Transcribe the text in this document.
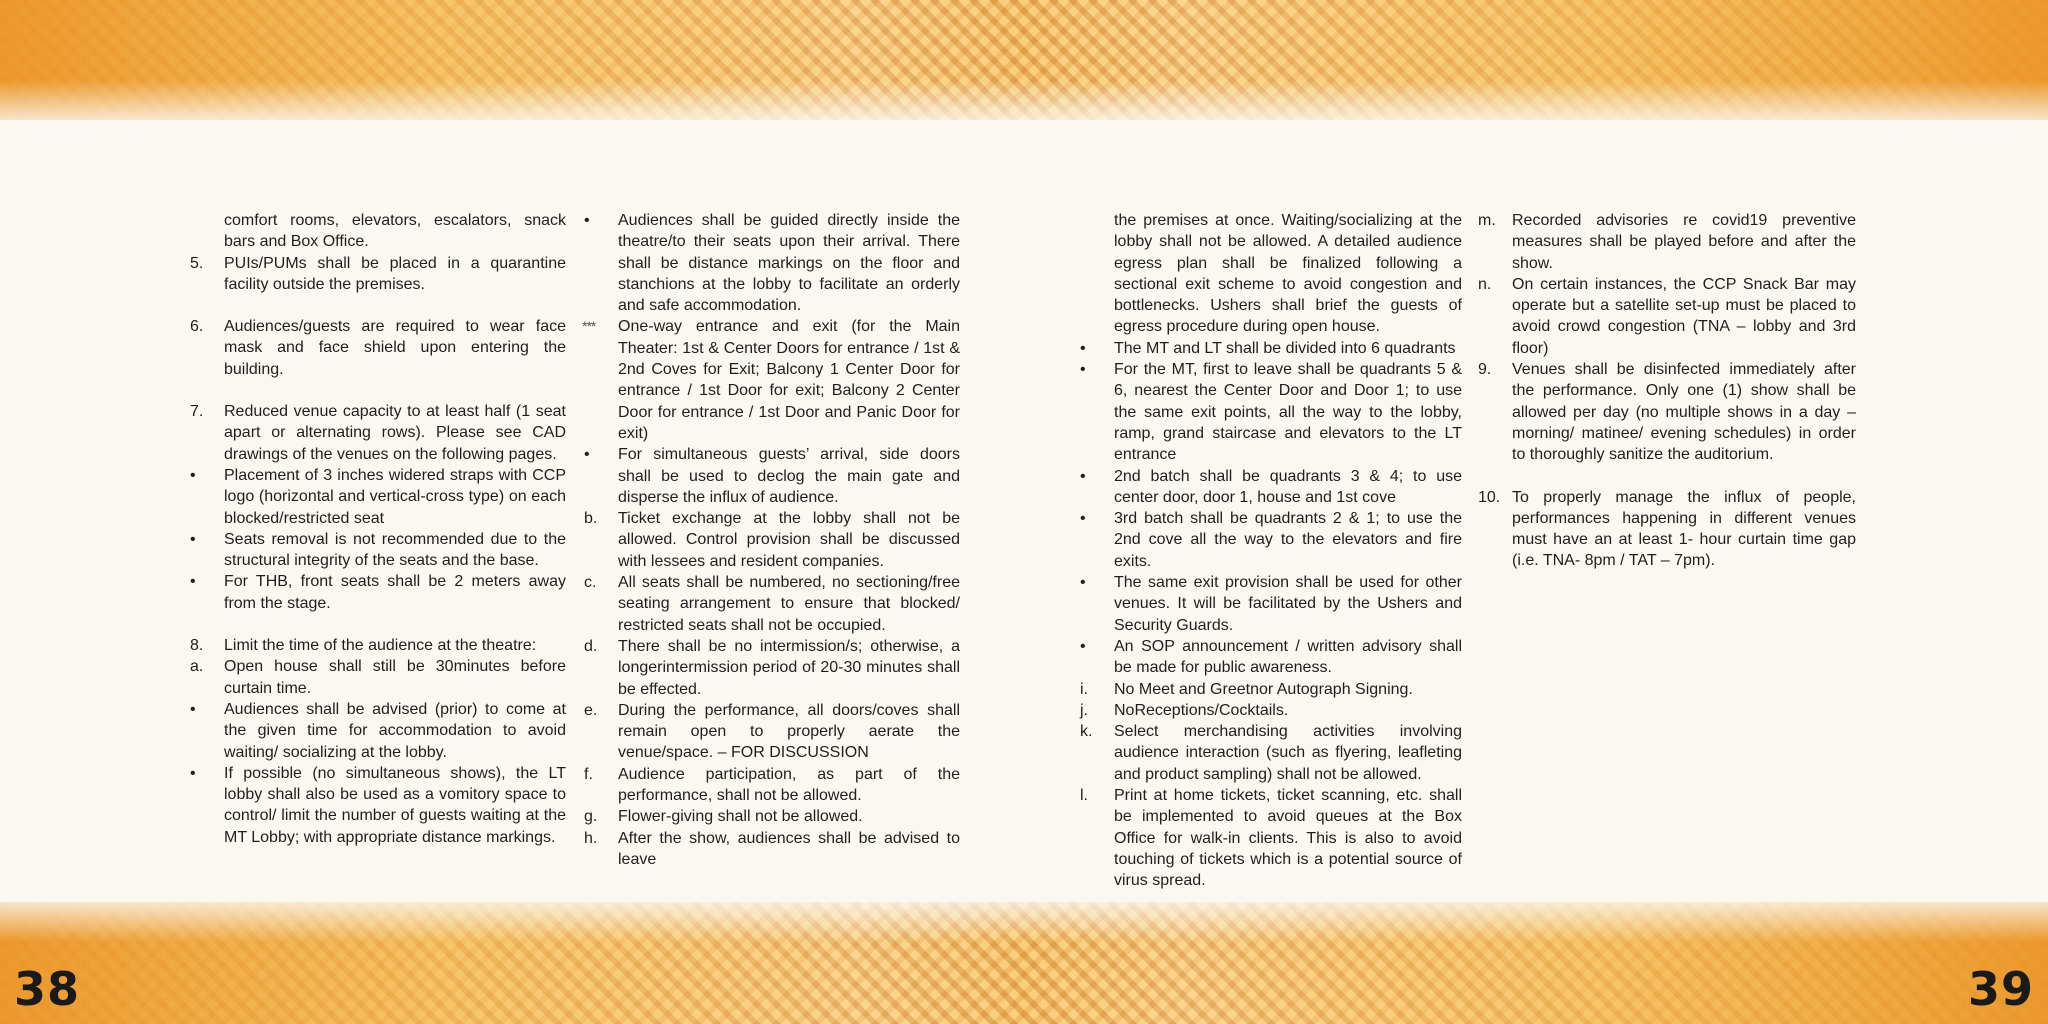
comfort rooms, elevators, escalators, snack bars and Box Office.
5. PUIs/PUMs shall be placed in a quarantine facility outside the premises.
6. Audiences/guests are required to wear face mask and face shield upon entering the building.
7. Reduced venue capacity to at least half (1 seat apart or alternating rows). Please see CAD drawings of the venues on the following pages.
• Placement of 3 inches widered straps with CCP logo (horizontal and vertical-cross type) on each blocked/restricted seat
• Seats removal is not recommended due to the structural integrity of the seats and the base.
• For THB, front seats shall be 2 meters away from the stage.
8. Limit the time of the audience at the theatre:
a. Open house shall still be 30minutes before curtain time.
• Audiences shall be advised (prior) to come at the given time for accommodation to avoid waiting/ socializing at the lobby.
• If possible (no simultaneous shows), the LT lobby shall also be used as a vomitory space to control/ limit the number of guests waiting at the MT Lobby; with appropriate distance markings.
• Audiences shall be guided directly inside the theatre/to their seats upon their arrival. There shall be distance markings on the floor and stanchions at the lobby to facilitate an orderly and safe accommodation.
*** One-way entrance and exit (for the Main Theater: 1st & Center Doors for entrance / 1st & 2nd Coves for Exit; Balcony 1 Center Door for entrance / 1st Door for exit; Balcony 2 Center Door for entrance / 1st Door and Panic Door for exit)
• For simultaneous guests’ arrival, side doors shall be used to declog the main gate and disperse the influx of audience.
b. Ticket exchange at the lobby shall not be allowed. Control provision shall be discussed with lessees and resident companies.
c. All seats shall be numbered, no sectioning/free seating arrangement to ensure that blocked/ restricted seats shall not be occupied.
d. There shall be no intermission/s; otherwise, a longerintermission period of 20-30 minutes shall be effected.
e. During the performance, all doors/coves shall remain open to properly aerate the venue/space. – FOR DISCUSSION
f. Audience participation, as part of the performance, shall not be allowed.
g. Flower-giving shall not be allowed.
h. After the show, audiences shall be advised to leave
the premises at once. Waiting/socializing at the lobby shall not be allowed. A detailed audience egress plan shall be finalized following a sectional exit scheme to avoid congestion and bottlenecks. Ushers shall brief the guests of egress procedure during open house.
• The MT and LT shall be divided into 6 quadrants
• For the MT, first to leave shall be quadrants 5 & 6, nearest the Center Door and Door 1; to use the same exit points, all the way to the lobby, ramp, grand staircase and elevators to the LT entrance
• 2nd batch shall be quadrants 3 & 4; to use center door, door 1, house and 1st cove
• 3rd batch shall be quadrants 2 & 1; to use the 2nd cove all the way to the elevators and fire exits.
• The same exit provision shall be used for other venues. It will be facilitated by the Ushers and Security Guards.
• An SOP announcement / written advisory shall be made for public awareness.
i. No Meet and Greetnor Autograph Signing.
j. NoReceptions/Cocktails.
k. Select merchandising activities involving audience interaction (such as flyering, leafleting and product sampling) shall not be allowed.
l. Print at home tickets, ticket scanning, etc. shall be implemented to avoid queues at the Box Office for walk-in clients. This is also to avoid touching of tickets which is a potential source of virus spread.
m. Recorded advisories re covid19 preventive measures shall be played before and after the show.
n. On certain instances, the CCP Snack Bar may operate but a satellite set-up must be placed to avoid crowd congestion (TNA – lobby and 3rd floor)
9. Venues shall be disinfected immediately after the performance. Only one (1) show shall be allowed per day (no multiple shows in a day – morning/ matinee/ evening schedules) in order to thoroughly sanitize the auditorium.
10. To properly manage the influx of people, performances happening in different venues must have an at least 1- hour curtain time gap (i.e. TNA- 8pm / TAT – 7pm).
38	39
